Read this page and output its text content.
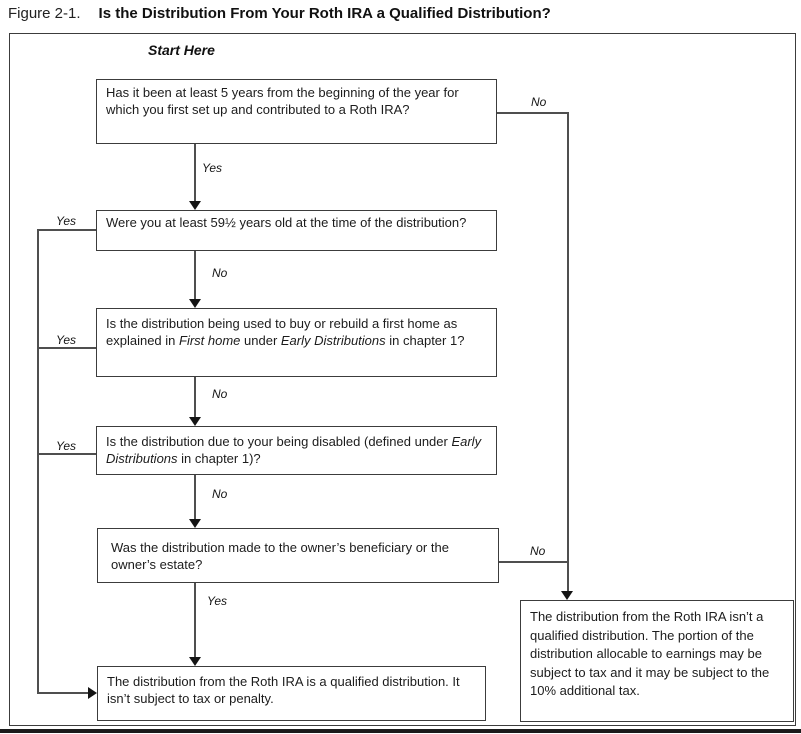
Figure 2-1. Is the Distribution From Your Roth IRA a Qualified Distribution?
Start Here
Has it been at least 5 years from the beginning of the year for which you first set up and contributed to a Roth IRA?
Were you at least 59½ years old at the time of the distribution?
Is the distribution being used to buy or rebuild a first home as explained in First home under Early Distributions in chapter 1?
Is the distribution due to your being disabled (defined under Early Distributions in chapter 1)?
Was the distribution made to the owner’s beneficiary or the owner’s estate?
The distribution from the Roth IRA is a qualified distribution. It isn’t subject to tax or penalty.
The distribution from the Roth IRA isn’t a qualified distribution. The portion of the distribution allocable to earnings may be subject to tax and it may be subject to the 10% additional tax.
Yes
No
Yes
No
Yes
No
Yes
No
Yes
No
